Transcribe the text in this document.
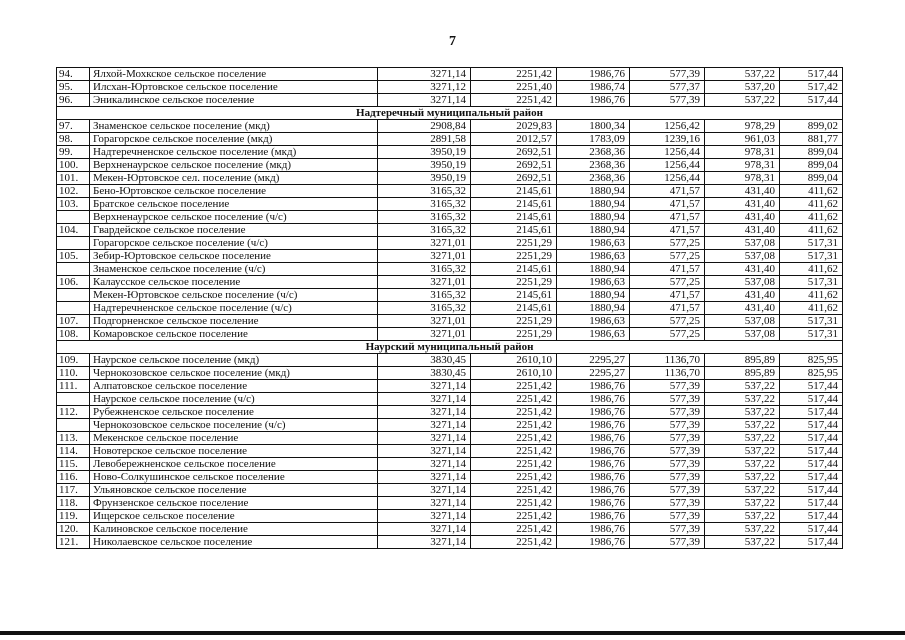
7
94.	Ялхой-Мохкское сельское поселение	3271,14	2251,42	1986,76	577,39	537,22	517,44
95.	Илсхан-Юртовское сельское поселение	3271,12	2251,40	1986,74	577,37	537,20	517,42
96.	Эникалинское сельское поселение	3271,14	2251,42	1986,76	577,39	537,22	517,44
Надтеречный муниципальный район							
97.	Знаменское сельское поселение (мкд)	2908,84	2029,83	1800,34	1256,42	978,29	899,02
98.	Горагорское сельское поселение (мкд)	2891,58	2012,57	1783,09	1239,16	961,03	881,77
99.	Надтеречненское сельское поселение (мкд)	3950,19	2692,51	2368,36	1256,44	978,31	899,04
100.	Верхненаурское сельское поселение (мкд)	3950,19	2692,51	2368,36	1256,44	978,31	899,04
101.	Мекен-Юртовское сел. поселение (мкд)	3950,19	2692,51	2368,36	1256,44	978,31	899,04
102.	Бено-Юртовское сельское поселение	3165,32	2145,61	1880,94	471,57	431,40	411,62
103.	Братское сельское поселение	3165,32	2145,61	1880,94	471,57	431,40	411,62
	Верхненаурское сельское поселение (ч/с)	3165,32	2145,61	1880,94	471,57	431,40	411,62
104.	Гвардейское сельское поселение	3165,32	2145,61	1880,94	471,57	431,40	411,62
	Горагорское сельское поселение (ч/с)	3271,01	2251,29	1986,63	577,25	537,08	517,31
105.	Зебир-Юртовское сельское поселение	3271,01	2251,29	1986,63	577,25	537,08	517,31
	Знаменское сельское поселение (ч/с)	3165,32	2145,61	1880,94	471,57	431,40	411,62
106.	Калаусское сельское поселение	3271,01	2251,29	1986,63	577,25	537,08	517,31
	Мекен-Юртовское сельское поселение (ч/с)	3165,32	2145,61	1880,94	471,57	431,40	411,62
	Надтеречненское сельское поселение (ч/с)	3165,32	2145,61	1880,94	471,57	431,40	411,62
107.	Подгорненское сельское поселение	3271,01	2251,29	1986,63	577,25	537,08	517,31
108.	Комаровское сельское поселение	3271,01	2251,29	1986,63	577,25	537,08	517,31
Наурский муниципальный район							
109.	Наурское сельское поселение (мкд)	3830,45	2610,10	2295,27	1136,70	895,89	825,95
110.	Чернокозовское сельское поселение (мкд)	3830,45	2610,10	2295,27	1136,70	895,89	825,95
111.	Алпатовское сельское поселение	3271,14	2251,42	1986,76	577,39	537,22	517,44
	Наурское сельское поселение (ч/с)	3271,14	2251,42	1986,76	577,39	537,22	517,44
112.	Рубежненское сельское поселение	3271,14	2251,42	1986,76	577,39	537,22	517,44
	Чернокозовское сельское поселение (ч/с)	3271,14	2251,42	1986,76	577,39	537,22	517,44
113.	Мекенское сельское поселение	3271,14	2251,42	1986,76	577,39	537,22	517,44
114.	Новотерское сельское поселение	3271,14	2251,42	1986,76	577,39	537,22	517,44
115.	Левобережненское сельское поселение	3271,14	2251,42	1986,76	577,39	537,22	517,44
116.	Ново-Солкушинское сельское поселение	3271,14	2251,42	1986,76	577,39	537,22	517,44
117.	Ульяновское сельское поселение	3271,14	2251,42	1986,76	577,39	537,22	517,44
118.	Фрунзенское сельское поселение	3271,14	2251,42	1986,76	577,39	537,22	517,44
119.	Ищерское сельское поселение	3271,14	2251,42	1986,76	577,39	537,22	517,44
120.	Калиновское сельское поселение	3271,14	2251,42	1986,76	577,39	537,22	517,44
121.	Николаевское сельское поселение	3271,14	2251,42	1986,76	577,39	537,22	517,44
